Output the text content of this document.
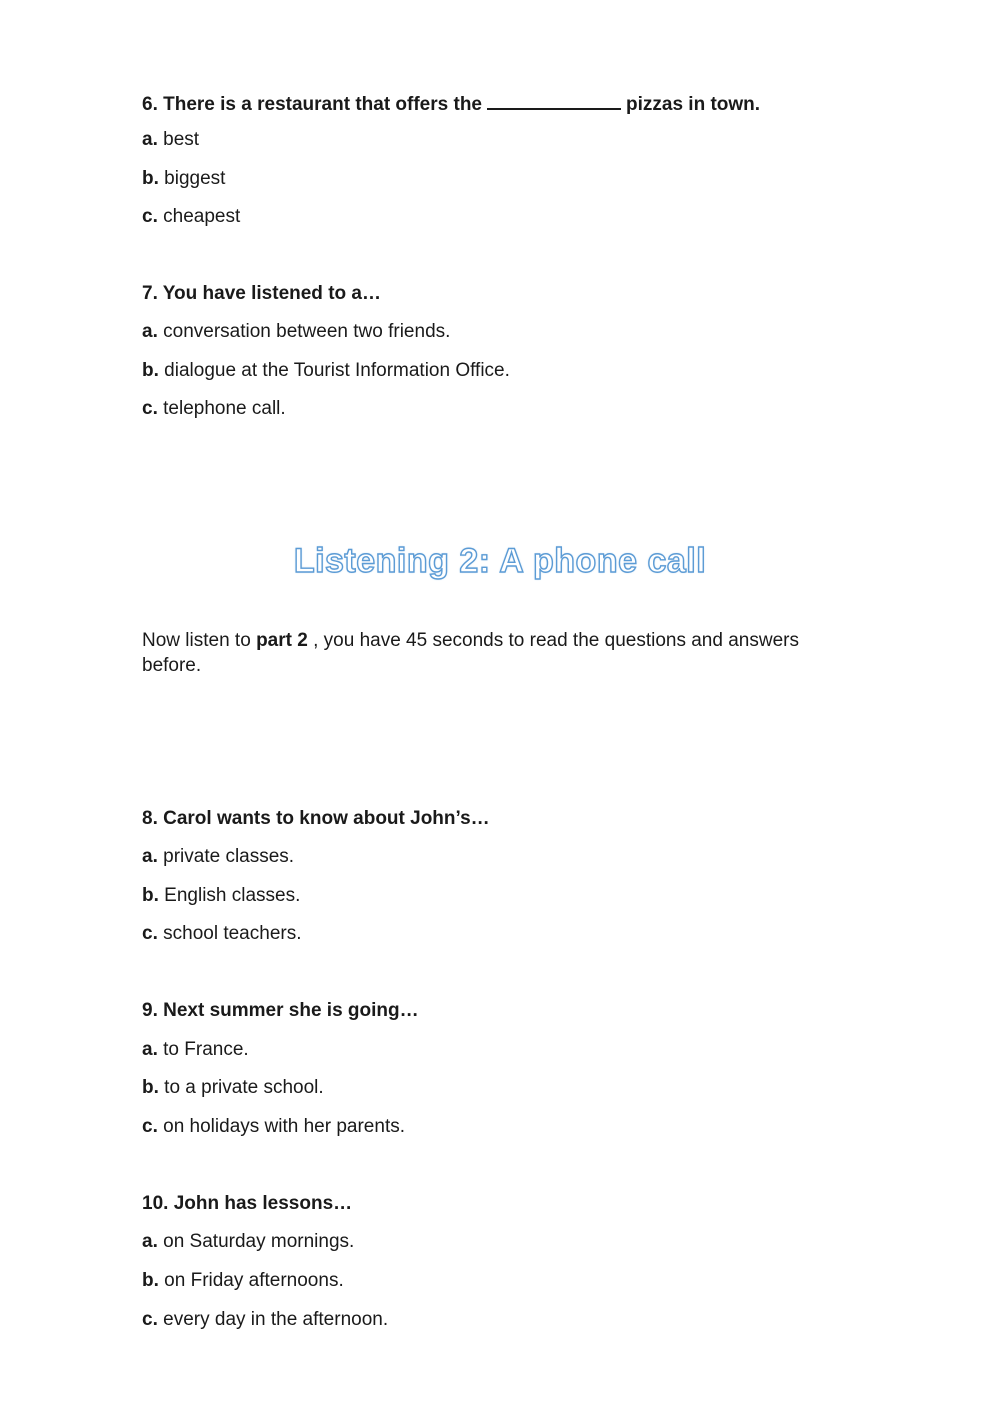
6. There is a restaurant that offers the	pizzas in town.
a. best
b. biggest
c. cheapest
7. You have listened to a…
a. conversation between two friends.
b. dialogue at the Tourist Information Office.
c. telephone call.
Listening 2: A phone call
Now listen to part 2 , you have 45 seconds to read the questions and answers before.
8. Carol wants to know about John’s…
a. private classes.
b. English classes.
c. school teachers.
9. Next summer she is going…
a. to France.
b. to a private school.
c. on holidays with her parents.
10. John has lessons…
a. on Saturday mornings.
b. on Friday afternoons.
c. every day in the afternoon.
